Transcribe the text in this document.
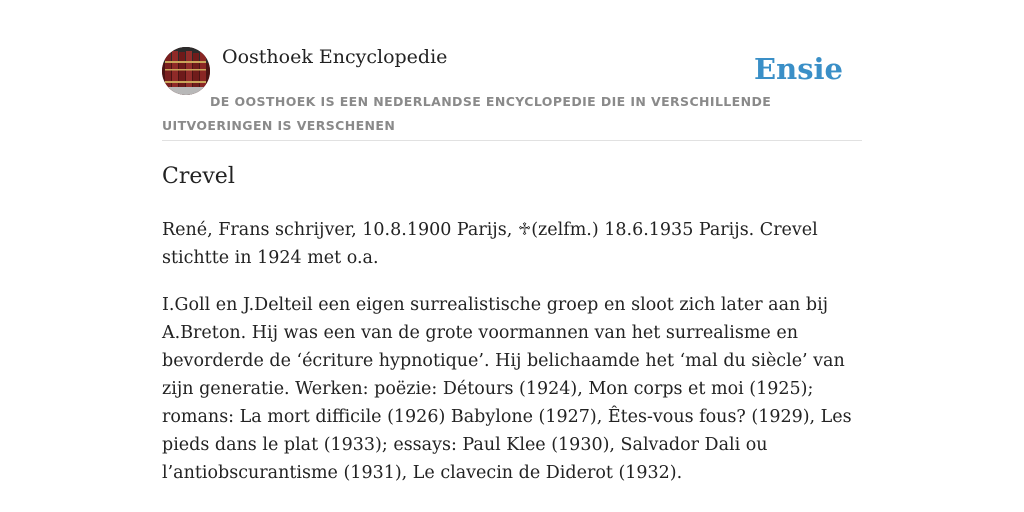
Oosthoek Encyclopedie	Ensie
DE OOSTHOEK IS EEN NEDERLANDSE ENCYCLOPEDIE DIE IN VERSCHILLENDE UITVOERINGEN IS VERSCHENEN
Crevel

René, Frans schrijver, 10.8.1900 Parijs, ♱(zelfm.) 18.6.1935 Parijs. Crevel stichtte in 1924 met o.a.

I.Goll en J.Delteil een eigen surrealistische groep en sloot zich later aan bij A.Breton. Hij was een van de grote voormannen van het surrealisme en bevorderde de ‘écriture hypnotique’. Hij belichaamde het ‘mal du siècle’ van zijn generatie. Werken: poëzie: Détours (1924), Mon corps et moi (1925); romans: La mort difficile (1926) Babylone (1927), Êtes-vous fous? (1929), Les pieds dans le plat (1933); essays: Paul Klee (1930), Salvador Dali ou l’antiobscurantisme (1931), Le clavecin de Diderot (1932).
